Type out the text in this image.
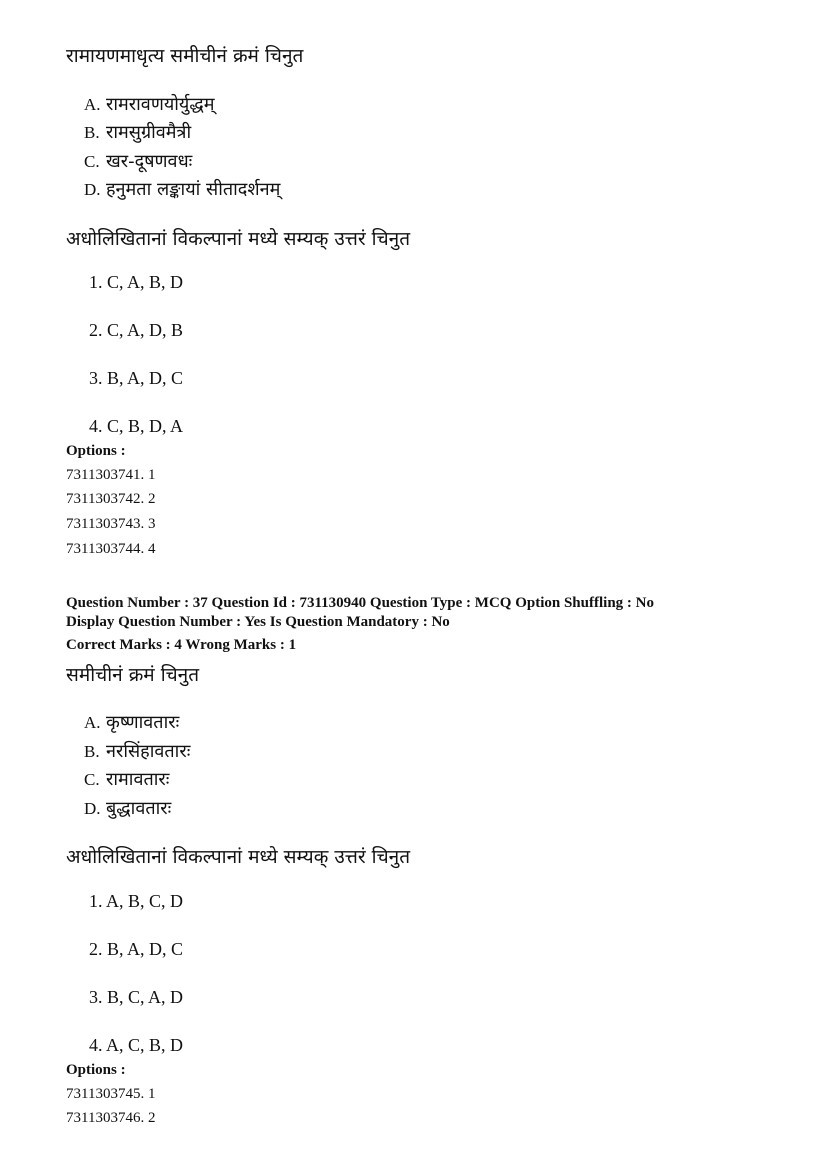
रामायणमाधृत्य समीचीनं क्रमं चिनुत
A. रामरावणयोर्युद्धम्
B. रामसुग्रीवमैत्री
C. खर-दूषणवधः
D. हनुमता लङ्कायां सीतादर्शनम्
अधोलिखितानां विकल्पानां मध्ये सम्यक् उत्तरं चिनुत
1. C, A, B, D
2. C, A, D, B
3. B, A, D, C
4. C, B, D, A
Options :
7311303741. 1
7311303742. 2
7311303743. 3
7311303744. 4
Question Number : 37 Question Id : 731130940 Question Type : MCQ Option Shuffling : No
Display Question Number : Yes Is Question Mandatory : No
Correct Marks : 4 Wrong Marks : 1
समीचीनं क्रमं चिनुत
A. कृष्णावतारः
B. नरसिंहावतारः
C. रामावतारः
D. बुद्धावतारः
अधोलिखितानां विकल्पानां मध्ये सम्यक् उत्तरं चिनुत
1. A, B, C, D
2. B, A, D, C
3. B, C, A, D
4. A, C, B, D
Options :
7311303745. 1
7311303746. 2
